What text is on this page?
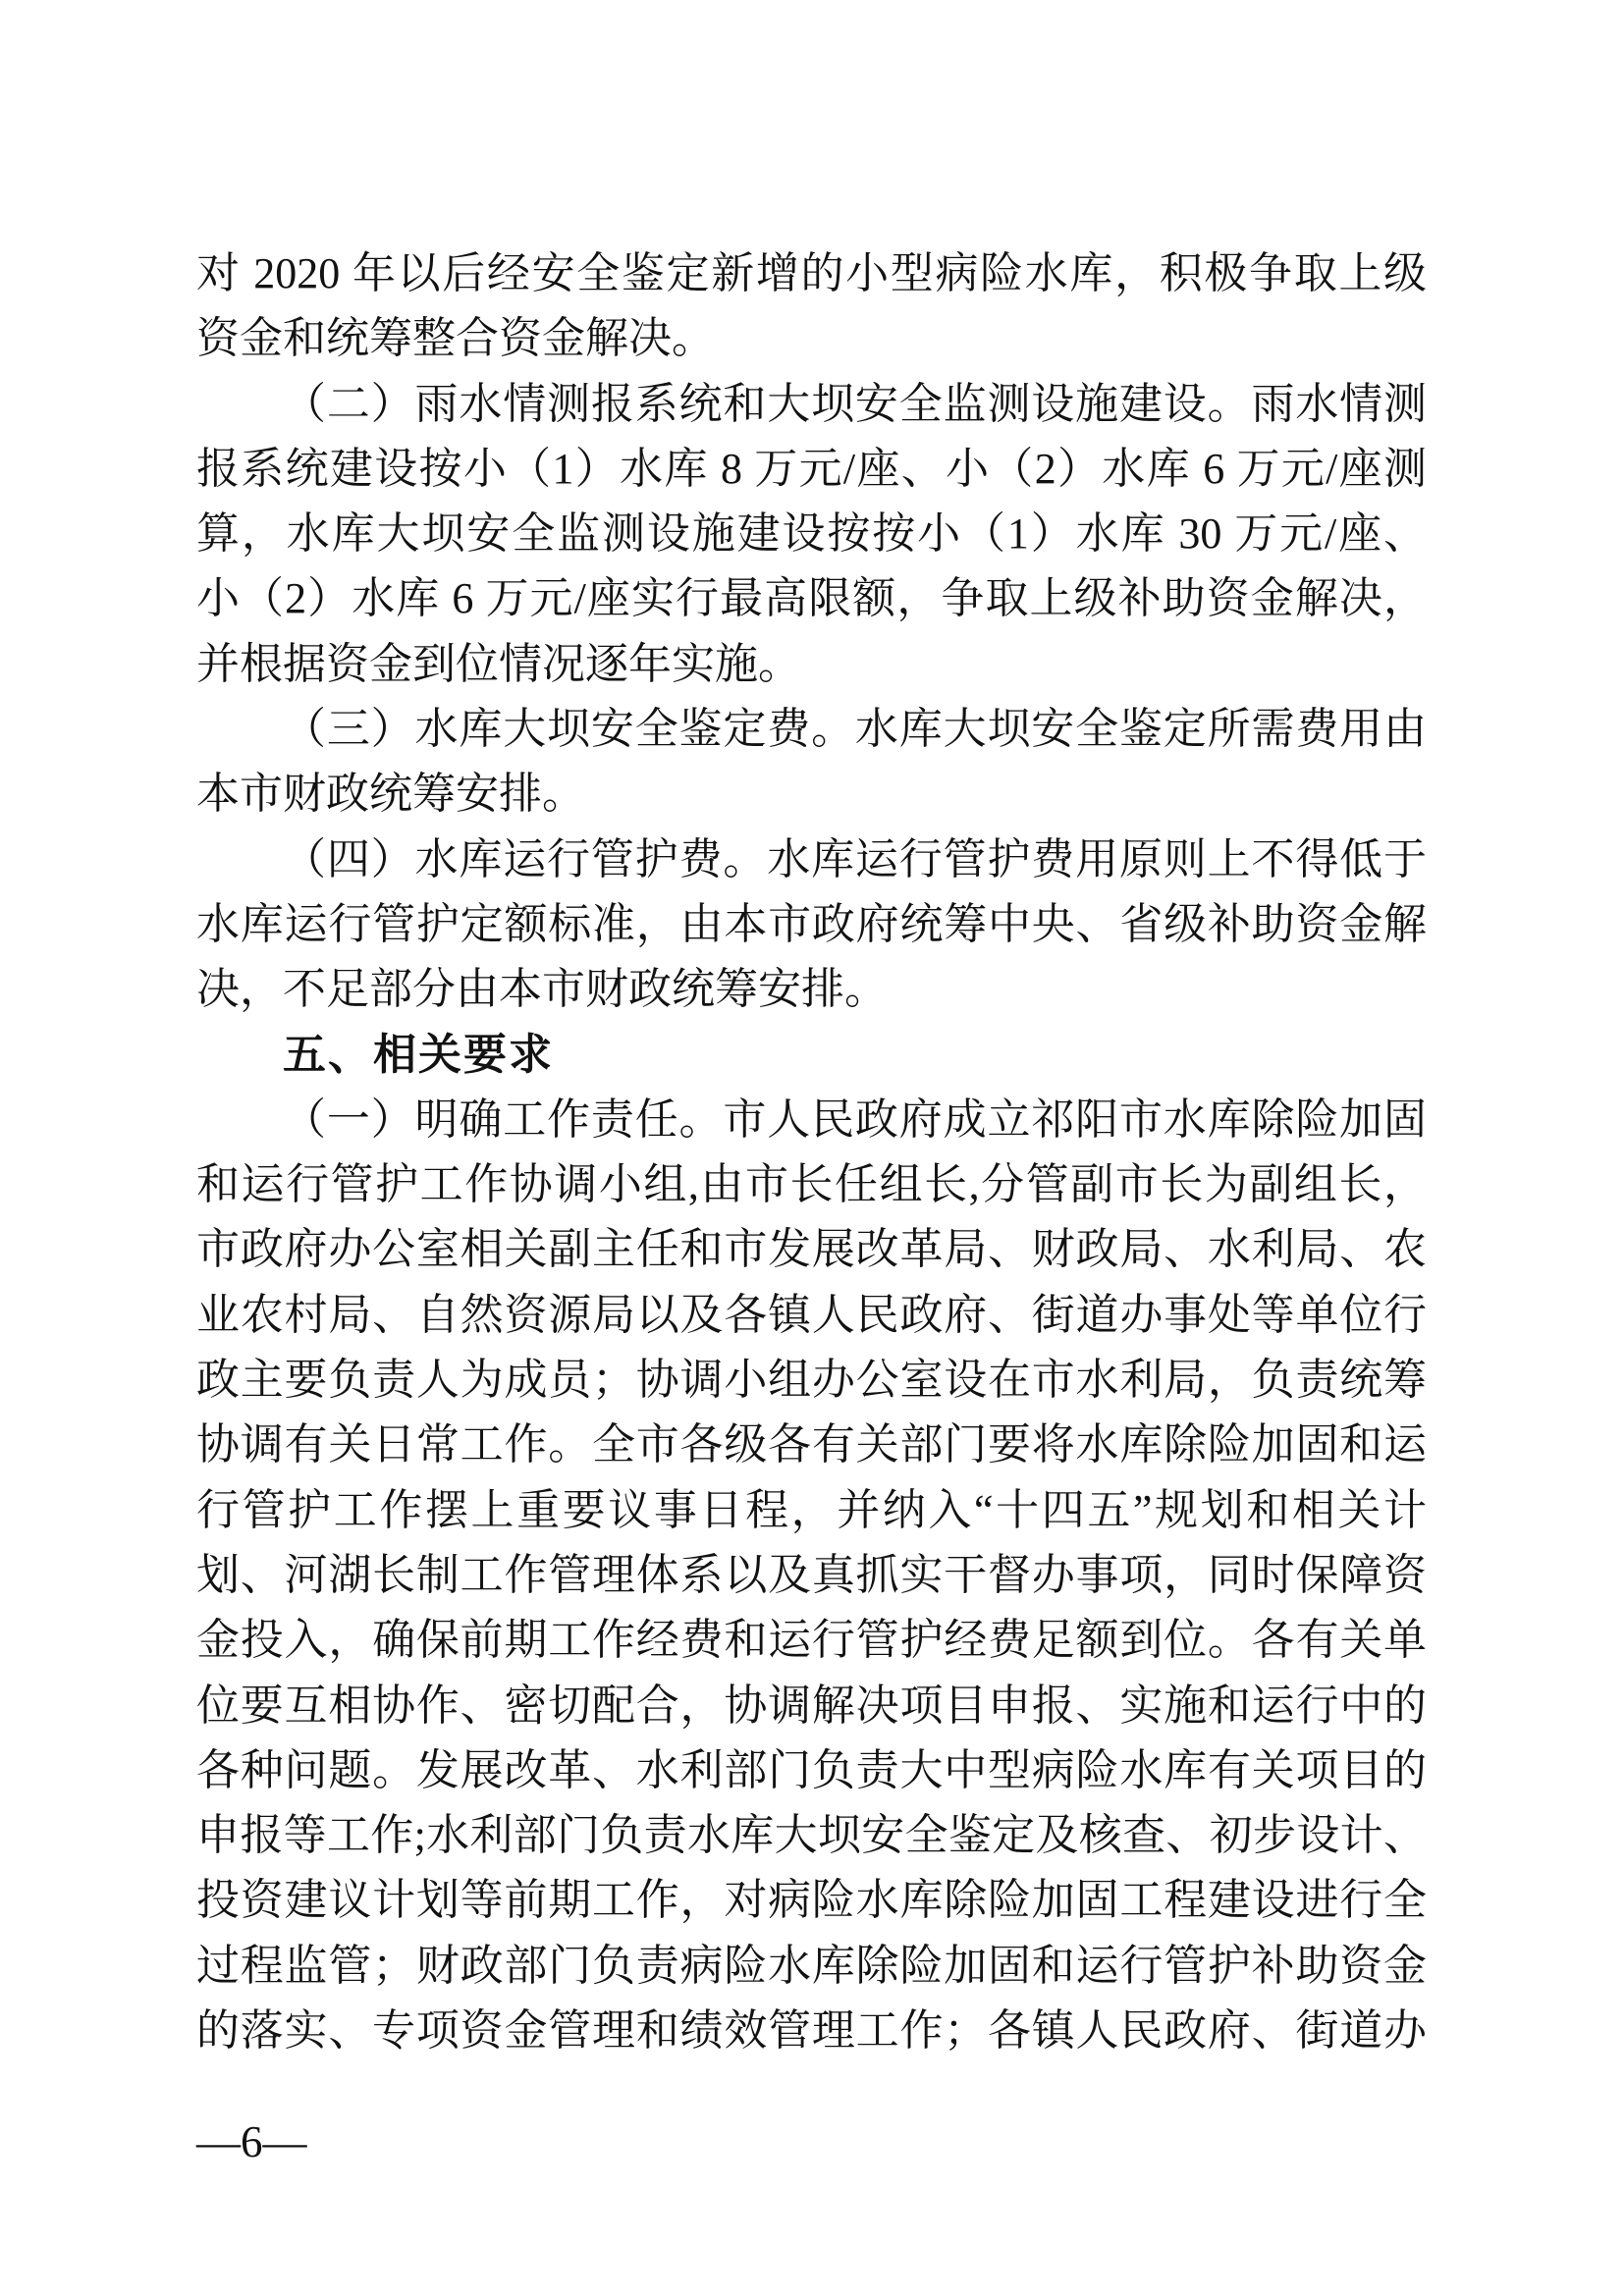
对 2020 年以后经安全鉴定新增的小型病险水库，积极争取上级
资金和统筹整合资金解决。
（二）雨水情测报系统和大坝安全监测设施建设。雨水情测
报系统建设按小（1）水库 8 万元/座、小（2）水库 6 万元/座测
算，水库大坝安全监测设施建设按按小（1）水库 30 万元/座、
小（2）水库 6 万元/座实行最高限额，争取上级补助资金解决，
并根据资金到位情况逐年实施。
（三）水库大坝安全鉴定费。水库大坝安全鉴定所需费用由
本市财政统筹安排。
（四）水库运行管护费。水库运行管护费用原则上不得低于
水库运行管护定额标准，由本市政府统筹中央、省级补助资金解
决，不足部分由本市财政统筹安排。
五、相关要求
（一）明确工作责任。市人民政府成立祁阳市水库除险加固
和运行管护工作协调小组,由市长任组长,分管副市长为副组长，
市政府办公室相关副主任和市发展改革局、财政局、水利局、农
业农村局、自然资源局以及各镇人民政府、街道办事处等单位行
政主要负责人为成员；协调小组办公室设在市水利局，负责统筹
协调有关日常工作。全市各级各有关部门要将水库除险加固和运
行管护工作摆上重要议事日程，并纳入“十四五”规划和相关计
划、河湖长制工作管理体系以及真抓实干督办事项，同时保障资
金投入，确保前期工作经费和运行管护经费足额到位。各有关单
位要互相协作、密切配合，协调解决项目申报、实施和运行中的
各种问题。发展改革、水利部门负责大中型病险水库有关项目的
申报等工作;水利部门负责水库大坝安全鉴定及核查、初步设计、
投资建议计划等前期工作，对病险水库除险加固工程建设进行全
过程监管；财政部门负责病险水库除险加固和运行管护补助资金
的落实、专项资金管理和绩效管理工作；各镇人民政府、街道办
—6—
